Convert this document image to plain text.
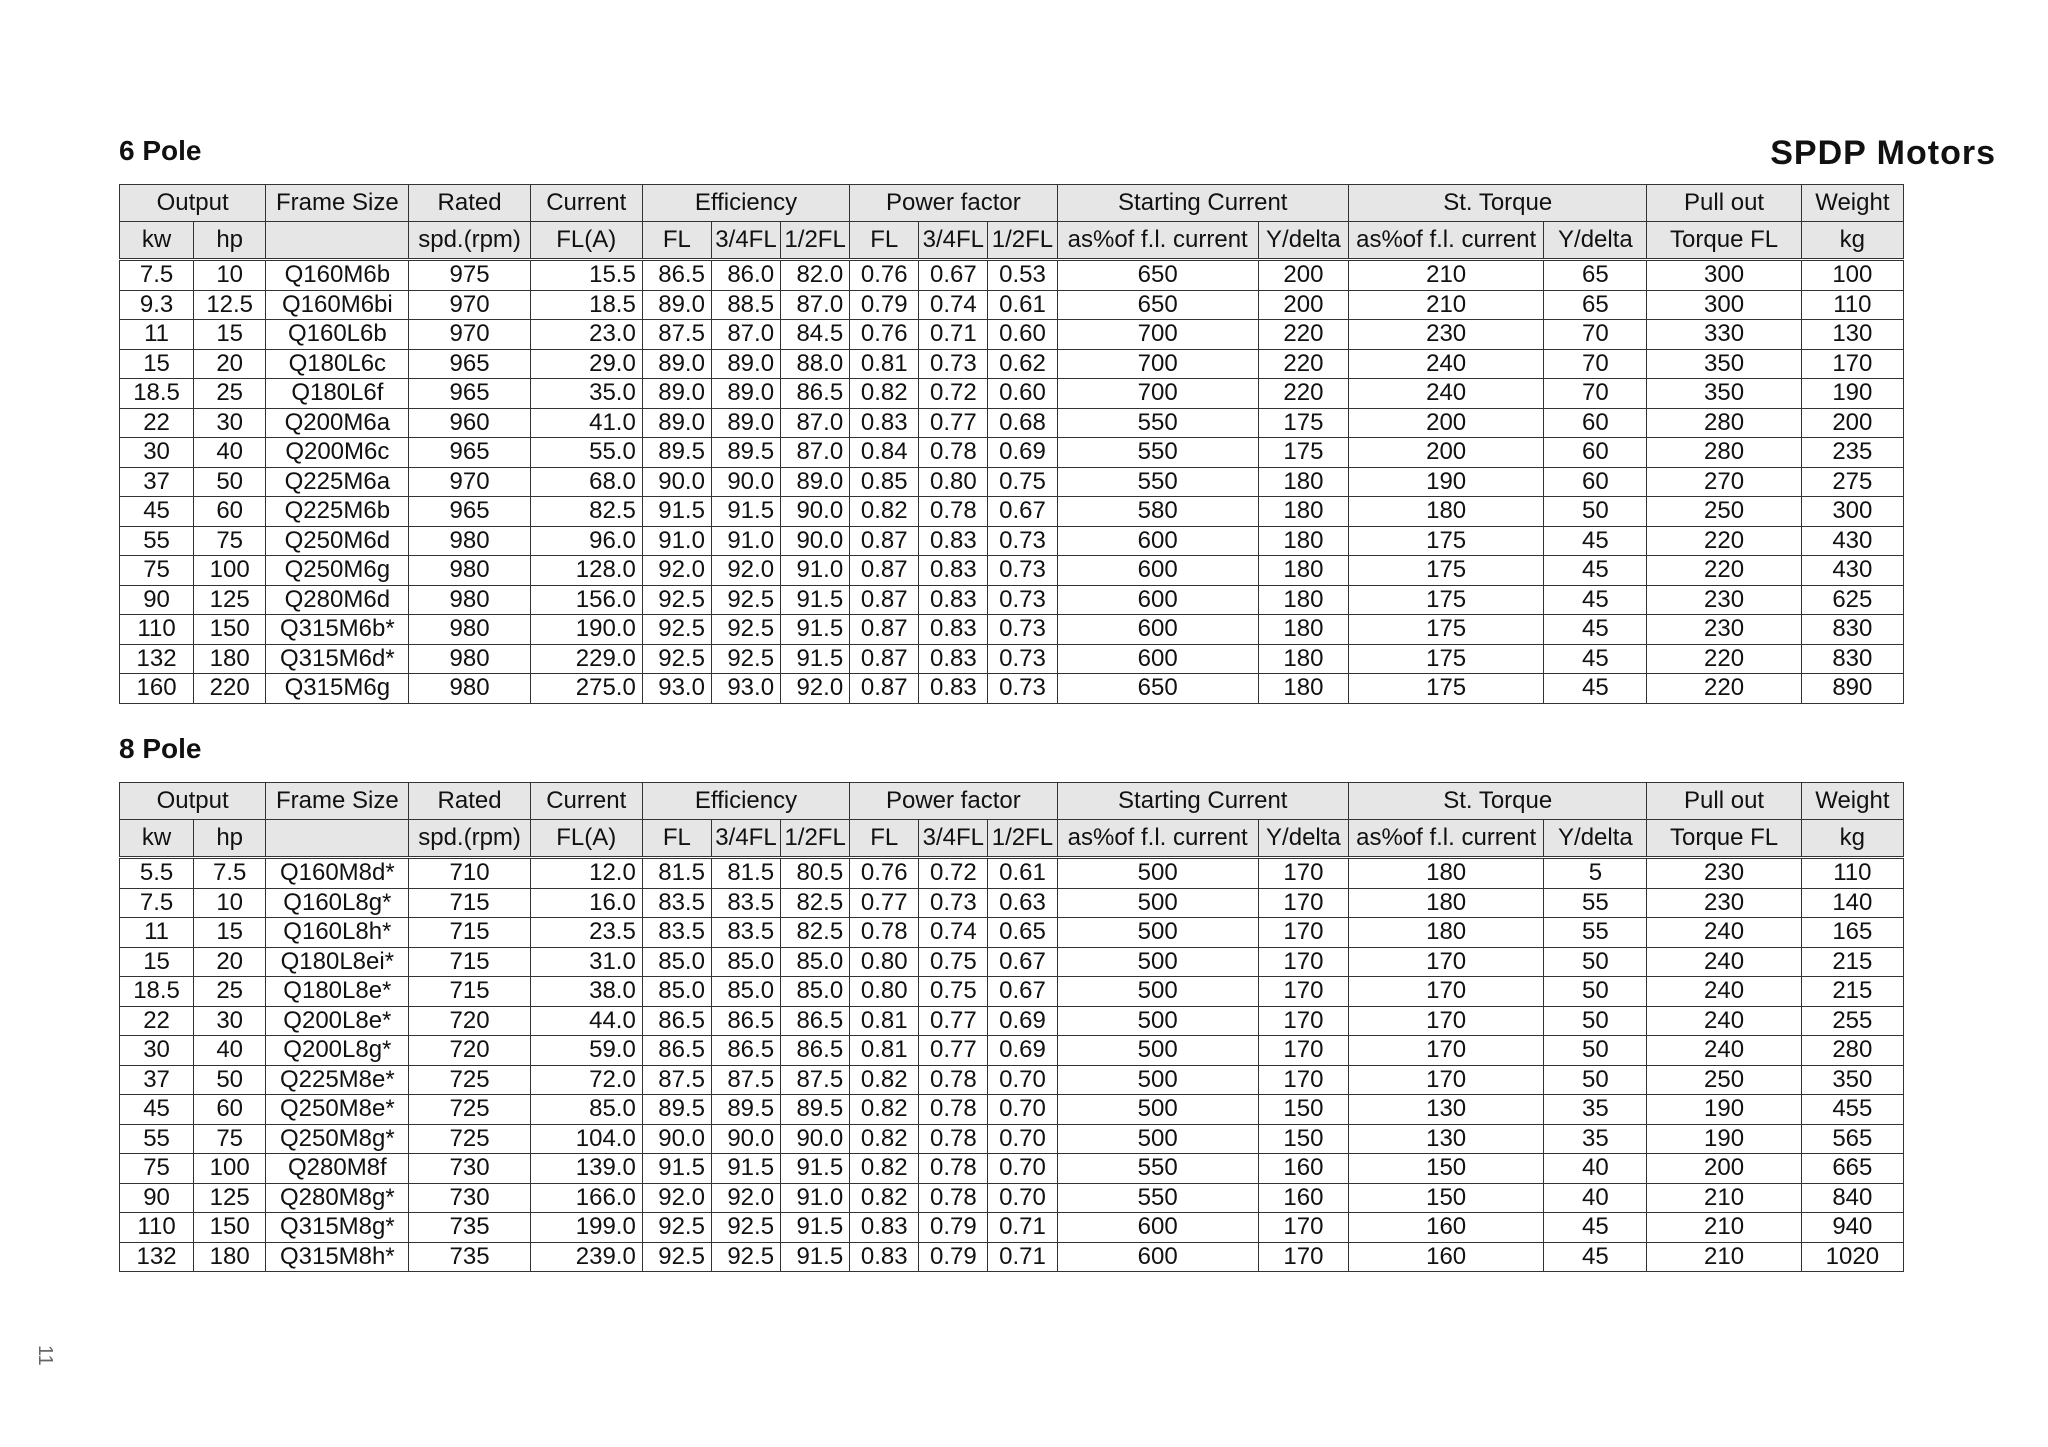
SPDP Motors
6 Pole
Output		Frame Size	Rated	Current	Efficiency			Power factor			Starting Current		St. Torque		Pull out	Weight
kw	hp		spd.(rpm)	FL(A)	FL	3/4FL	1/2FL	FL	3/4FL	1/2FL	as%of f.l. current	Y/delta	as%of f.l. current	Y/delta	Torque FL	kg
7.5	10	Q160M6b	975	15.5	86.5	86.0	82.0	0.76	0.67	0.53	650	200	210	65	300	100
9.3	12.5	Q160M6bi	970	18.5	89.0	88.5	87.0	0.79	0.74	0.61	650	200	210	65	300	110
11	15	Q160L6b	970	23.0	87.5	87.0	84.5	0.76	0.71	0.60	700	220	230	70	330	130
15	20	Q180L6c	965	29.0	89.0	89.0	88.0	0.81	0.73	0.62	700	220	240	70	350	170
18.5	25	Q180L6f	965	35.0	89.0	89.0	86.5	0.82	0.72	0.60	700	220	240	70	350	190
22	30	Q200M6a	960	41.0	89.0	89.0	87.0	0.83	0.77	0.68	550	175	200	60	280	200
30	40	Q200M6c	965	55.0	89.5	89.5	87.0	0.84	0.78	0.69	550	175	200	60	280	235
37	50	Q225M6a	970	68.0	90.0	90.0	89.0	0.85	0.80	0.75	550	180	190	60	270	275
45	60	Q225M6b	965	82.5	91.5	91.5	90.0	0.82	0.78	0.67	580	180	180	50	250	300
55	75	Q250M6d	980	96.0	91.0	91.0	90.0	0.87	0.83	0.73	600	180	175	45	220	430
75	100	Q250M6g	980	128.0	92.0	92.0	91.0	0.87	0.83	0.73	600	180	175	45	220	430
90	125	Q280M6d	980	156.0	92.5	92.5	91.5	0.87	0.83	0.73	600	180	175	45	230	625
110	150	Q315M6b*	980	190.0	92.5	92.5	91.5	0.87	0.83	0.73	600	180	175	45	230	830
132	180	Q315M6d*	980	229.0	92.5	92.5	91.5	0.87	0.83	0.73	600	180	175	45	220	830
160	220	Q315M6g	980	275.0	93.0	93.0	92.0	0.87	0.83	0.73	650	180	175	45	220	890
8 Pole
Output		Frame Size	Rated	Current	Efficiency			Power factor			Starting Current		St. Torque		Pull out	Weight
kw	hp		spd.(rpm)	FL(A)	FL	3/4FL	1/2FL	FL	3/4FL	1/2FL	as%of f.l. current	Y/delta	as%of f.l. current	Y/delta	Torque FL	kg
5.5	7.5	Q160M8d*	710	12.0	81.5	81.5	80.5	0.76	0.72	0.61	500	170	180	5	230	110
7.5	10	Q160L8g*	715	16.0	83.5	83.5	82.5	0.77	0.73	0.63	500	170	180	55	230	140
11	15	Q160L8h*	715	23.5	83.5	83.5	82.5	0.78	0.74	0.65	500	170	180	55	240	165
15	20	Q180L8ei*	715	31.0	85.0	85.0	85.0	0.80	0.75	0.67	500	170	170	50	240	215
18.5	25	Q180L8e*	715	38.0	85.0	85.0	85.0	0.80	0.75	0.67	500	170	170	50	240	215
22	30	Q200L8e*	720	44.0	86.5	86.5	86.5	0.81	0.77	0.69	500	170	170	50	240	255
30	40	Q200L8g*	720	59.0	86.5	86.5	86.5	0.81	0.77	0.69	500	170	170	50	240	280
37	50	Q225M8e*	725	72.0	87.5	87.5	87.5	0.82	0.78	0.70	500	170	170	50	250	350
45	60	Q250M8e*	725	85.0	89.5	89.5	89.5	0.82	0.78	0.70	500	150	130	35	190	455
55	75	Q250M8g*	725	104.0	90.0	90.0	90.0	0.82	0.78	0.70	500	150	130	35	190	565
75	100	Q280M8f	730	139.0	91.5	91.5	91.5	0.82	0.78	0.70	550	160	150	40	200	665
90	125	Q280M8g*	730	166.0	92.0	92.0	91.0	0.82	0.78	0.70	550	160	150	40	210	840
110	150	Q315M8g*	735	199.0	92.5	92.5	91.5	0.83	0.79	0.71	600	170	160	45	210	940
132	180	Q315M8h*	735	239.0	92.5	92.5	91.5	0.83	0.79	0.71	600	170	160	45	210	1020
11
